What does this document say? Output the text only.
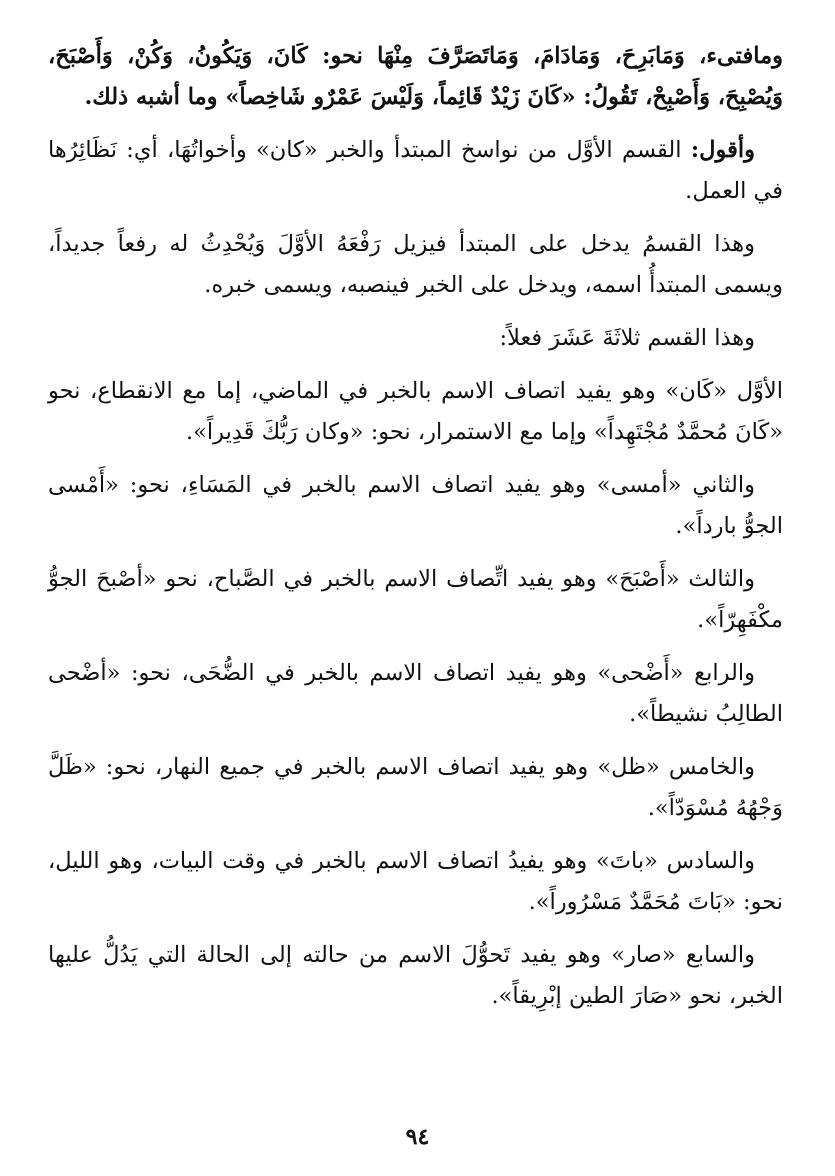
ومافتىء، وَمَابَرِحَ، وَمَادَامَ، وَمَاتَصَرَّفَ مِنْهَا نحو: كَانَ، وَيَكُونُ، وَكُنْ، وَأَصْبَحَ، وَيُصْبِحَ، وَأَصْبِحْ، تَقُولُ: «كَانَ زَيْدٌ قَائِماً، وَلَيْسَ عَمْرٌو شَاخِصاً» وما أشبه ذلك.

وأقول: القسم الأوَّل من نواسخ المبتدأ والخبر «كان» وأخواتُهَا، أي: نَظَائِرُها في العمل.

وهذا القسمُ يدخل على المبتدأ فيزيل رَفْعَهُ الأوَّلَ وَيُحْدِثُ له رفعاً جديداً، ويسمى المبتدأُ اسمه، ويدخل على الخبر فينصبه، ويسمى خبره.

وهذا القسم ثلاثَةَ عَشَرَ فعلاً:

الأوَّل «كَان» وهو يفيد اتصاف الاسم بالخبر في الماضي، إما مع الانقطاع، نحو «كَانَ مُحمَّدٌ مُجْتَهِداً» وإما مع الاستمرار، نحو: «وكان رَبُّكَ قَدِيراً».

والثاني «أمسى» وهو يفيد اتصاف الاسم بالخبر في المَسَاءِ، نحو: «أَمْسى الجوُّ بارداً».

والثالث «أَصْبَحَ» وهو يفيد اتِّصاف الاسم بالخبر في الصَّباح، نحو «أصْبحَ الجوُّ مكْفَهِرّاً».

والرابع «أَضْحى» وهو يفيد اتصاف الاسم بالخبر في الضُّحَى، نحو: «أضْحى الطالِبُ نشيطاً».

والخامس «ظل» وهو يفيد اتصاف الاسم بالخبر في جميع النهار، نحو: «ظَلَّ وَجْهُهُ مُسْوَدّاً».

والسادس «باتَ» وهو يفيدُ اتصاف الاسم بالخبر في وقت البيات، وهو الليل، نحو: «بَاتَ مُحَمَّدٌ مَسْرُوراً».

والسابع «صار» وهو يفيد تَحوُّلَ الاسم من حالته إلى الحالة التي يَدُلُّ عليها الخبر، نحو «صَارَ الطين إبْرِيقاً».

٩٤
